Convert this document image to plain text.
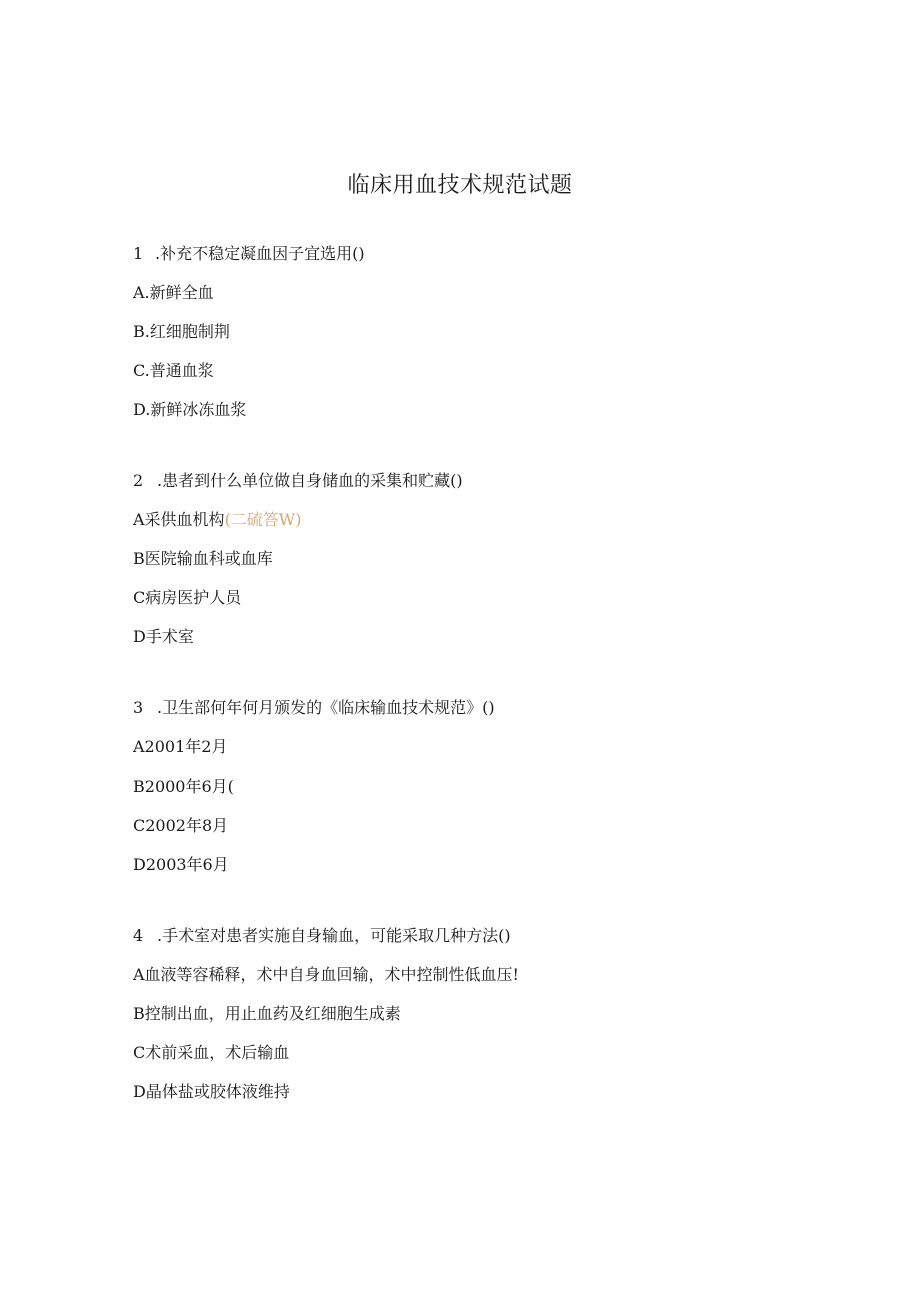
临床用血技术规范试题
1 .补充不稳定凝血因子宜选用()
A.新鲜全血
B.红细胞制荆
C.普通血浆
D.新鲜冰冻血浆
2 .患者到什么单位做自身储血的采集和贮藏()
A采供血机构(二硫答W)
B医院输血科或血库
C病房医护人员
D手术室
3 .卫生部何年何月颁发的《临床输血技术规范》()
A2001年2月
B2000年6月(
C2002年8月
D2003年6月
4 .手术室对患者实施自身输血，可能采取几种方法()
A血液等容稀释，术中自身血回输，术中控制性低血压!
B控制出血，用止血药及红细胞生成素
C术前采血，术后输血
D晶体盐或胶体液维持
